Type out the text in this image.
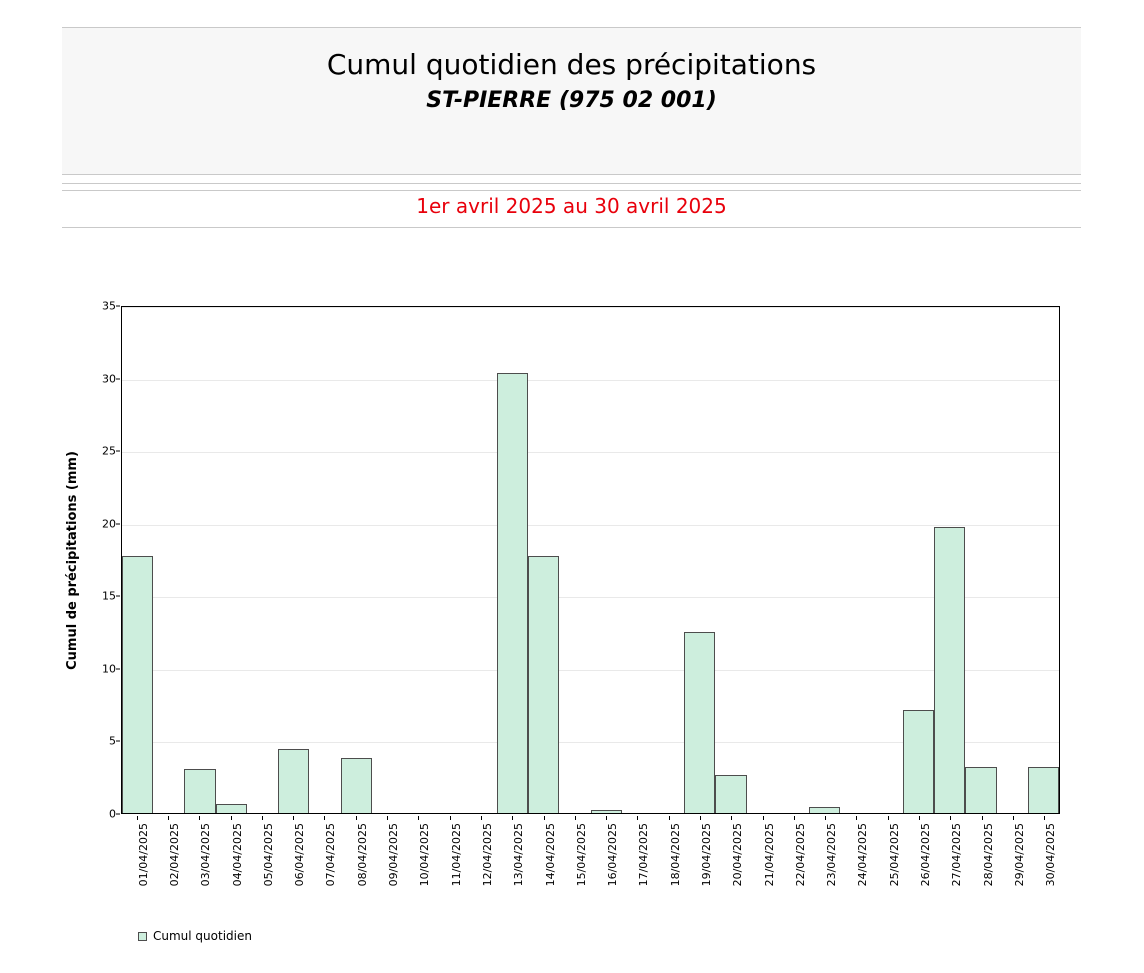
Cumul quotidien des précipitations
ST-PIERRE (975 02 001)
1er avril 2025 au 30 avril 2025
Cumul de précipitations (mm)
0
5
10
15
20
25
30
35
01/04/2025 02/04/2025 03/04/2025 04/04/2025 05/04/2025 06/04/2025 07/04/2025 08/04/2025 09/04/2025 10/04/2025 11/04/2025 12/04/2025 13/04/2025 14/04/2025 15/04/2025 16/04/2025 17/04/2025 18/04/2025 19/04/2025 20/04/2025 21/04/2025 22/04/2025 23/04/2025 24/04/2025 25/04/2025 26/04/2025 27/04/2025 28/04/2025 29/04/2025 30/04/2025
Cumul quotidien
